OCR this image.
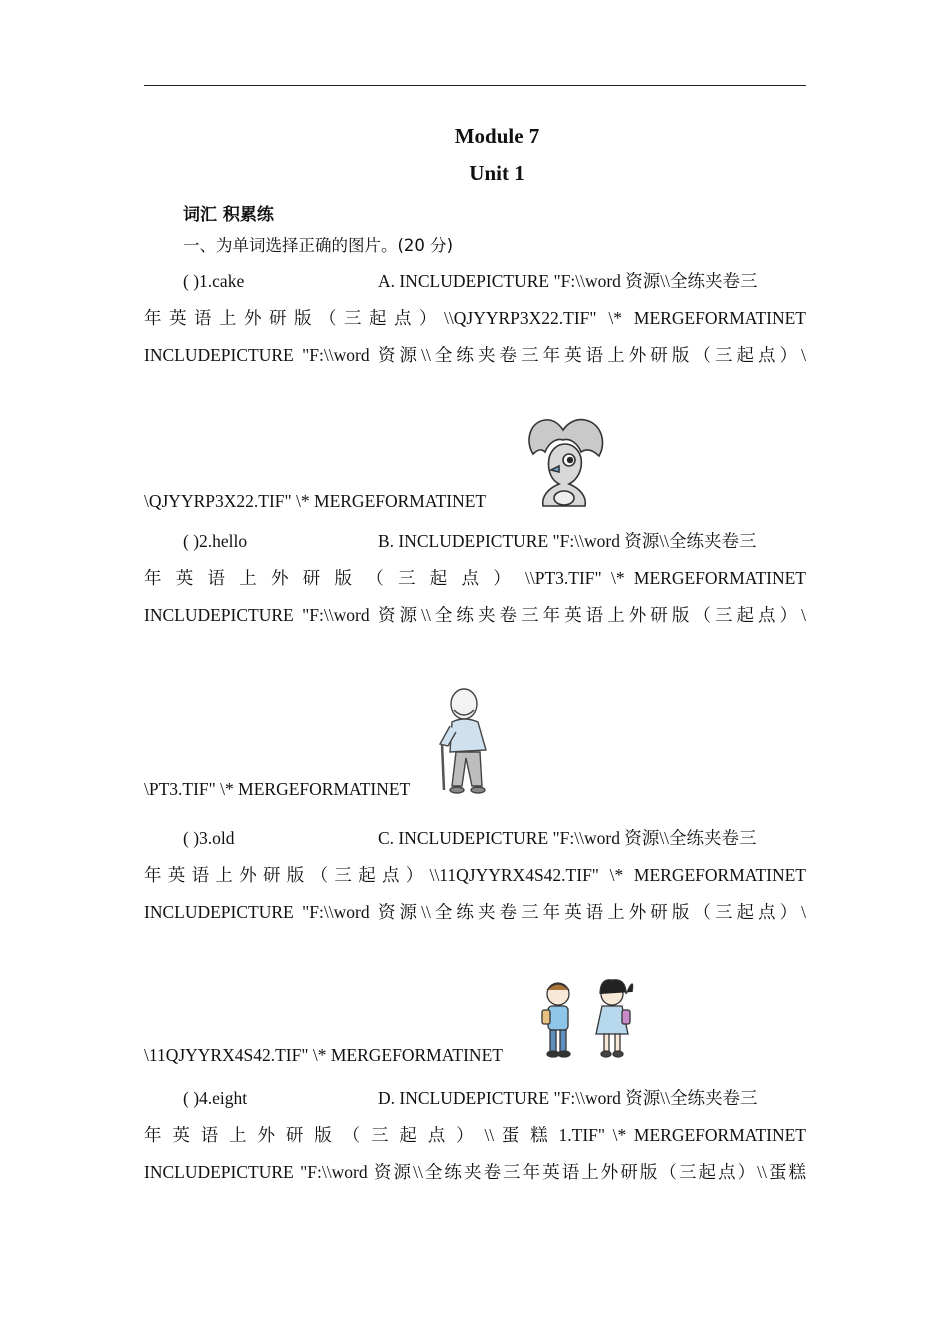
Module 7
Unit 1
词汇 积累练
一、为单词选择正确的图片。(20 分)
( )1.cake	A. INCLUDEPICTURE "F:\\word 资源\\全练夹卷三
年英语上外研版（三起点）\\QJYYRP3X22.TIF" \* MERGEFORMATINET
INCLUDEPICTURE "F:\\word 资源\\全练夹卷三年英语上外研版（三起点）\
\QJYYRP3X22.TIF" \* MERGEFORMATINET
( )2.hello	B. INCLUDEPICTURE "F:\\word 资源\\全练夹卷三
年 英 语 上 外 研 版 （ 三 起 点 ） \\PT3.TIF" \* MERGEFORMATINET
INCLUDEPICTURE "F:\\word 资源\\全练夹卷三年英语上外研版（三起点）\
\PT3.TIF" \* MERGEFORMATINET
( )3.old	C. INCLUDEPICTURE "F:\\word 资源\\全练夹卷三
年英语上外研版（三起点）\\11QJYYRX4S42.TIF" \* MERGEFORMATINET
INCLUDEPICTURE "F:\\word 资源\\全练夹卷三年英语上外研版（三起点）\
\11QJYYRX4S42.TIF" \* MERGEFORMATINET
( )4.eight	D. INCLUDEPICTURE "F:\\word 资源\\全练夹卷三
年 英 语 上 外 研 版 （ 三 起 点 ） \\ 蛋 糕 1.TIF" \* MERGEFORMATINET
INCLUDEPICTURE "F:\\word 资源\\全练夹卷三年英语上外研版（三起点）\\蛋糕
